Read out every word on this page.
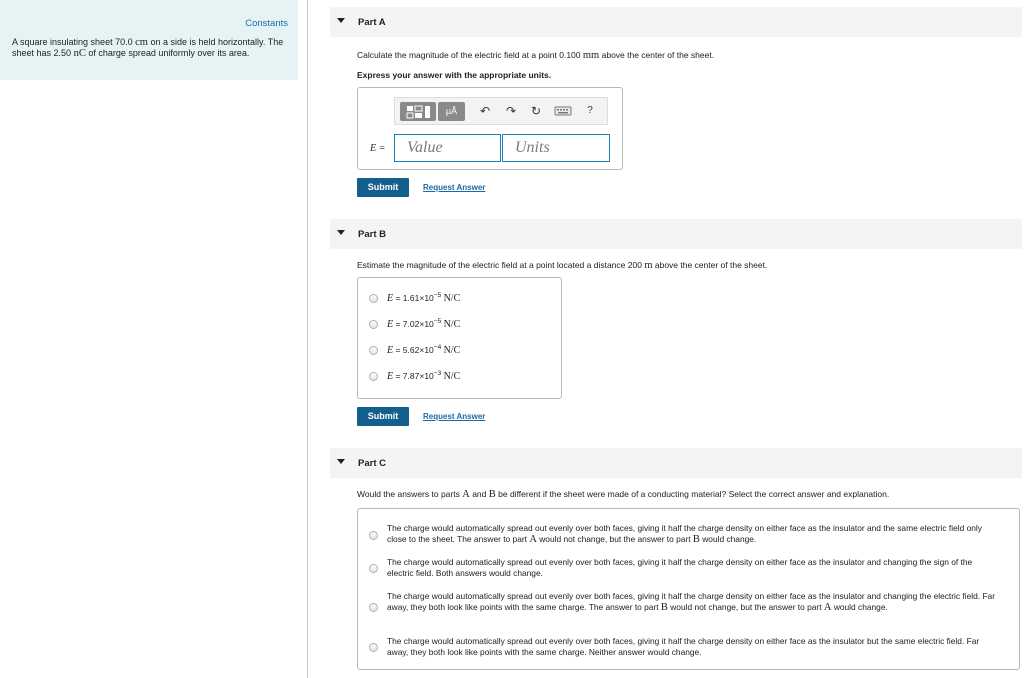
Constants
A square insulating sheet 70.0 cm on a side is held horizontally. The sheet has 2.50 nC of charge spread uniformly over its area.
Part A
Calculate the magnitude of the electric field at a point 0.100 mm above the center of the sheet.
Express your answer with the appropriate units.
μÅ	↶ ↷ ↻	?
E =	Value	Units
Submit	Request Answer
Part B
Estimate the magnitude of the electric field at a point located a distance 200 m above the center of the sheet.
$E = 1.61\times 10^{-5}$ N/C
$E = 7.02\times 10^{-5}$ N/C
$E = 5.62\times 10^{-4}$ N/C
$E = 7.87\times 10^{-3}$ N/C
Submit	Request Answer
Part C
Would the answers to parts A and B be different if the sheet were made of a conducting material? Select the correct answer and explanation.
The charge would automatically spread out evenly over both faces, giving it half the charge density on either face as the insulator and the same electric field only close to the sheet. The answer to part A would not change, but the answer to part B would change.
The charge would automatically spread out evenly over both faces, giving it half the charge density on either face as the insulator and changing the sign of the electric field. Both answers would change.
The charge would automatically spread out evenly over both faces, giving it half the charge density on either face as the insulator and changing the electric field. Far away, they both look like points with the same charge. The answer to part B would not change, but the answer to part A would change.
The charge would automatically spread out evenly over both faces, giving it half the charge density on either face as the insulator but the same electric field. Far away, they both look like points with the same charge. Neither answer would change.
